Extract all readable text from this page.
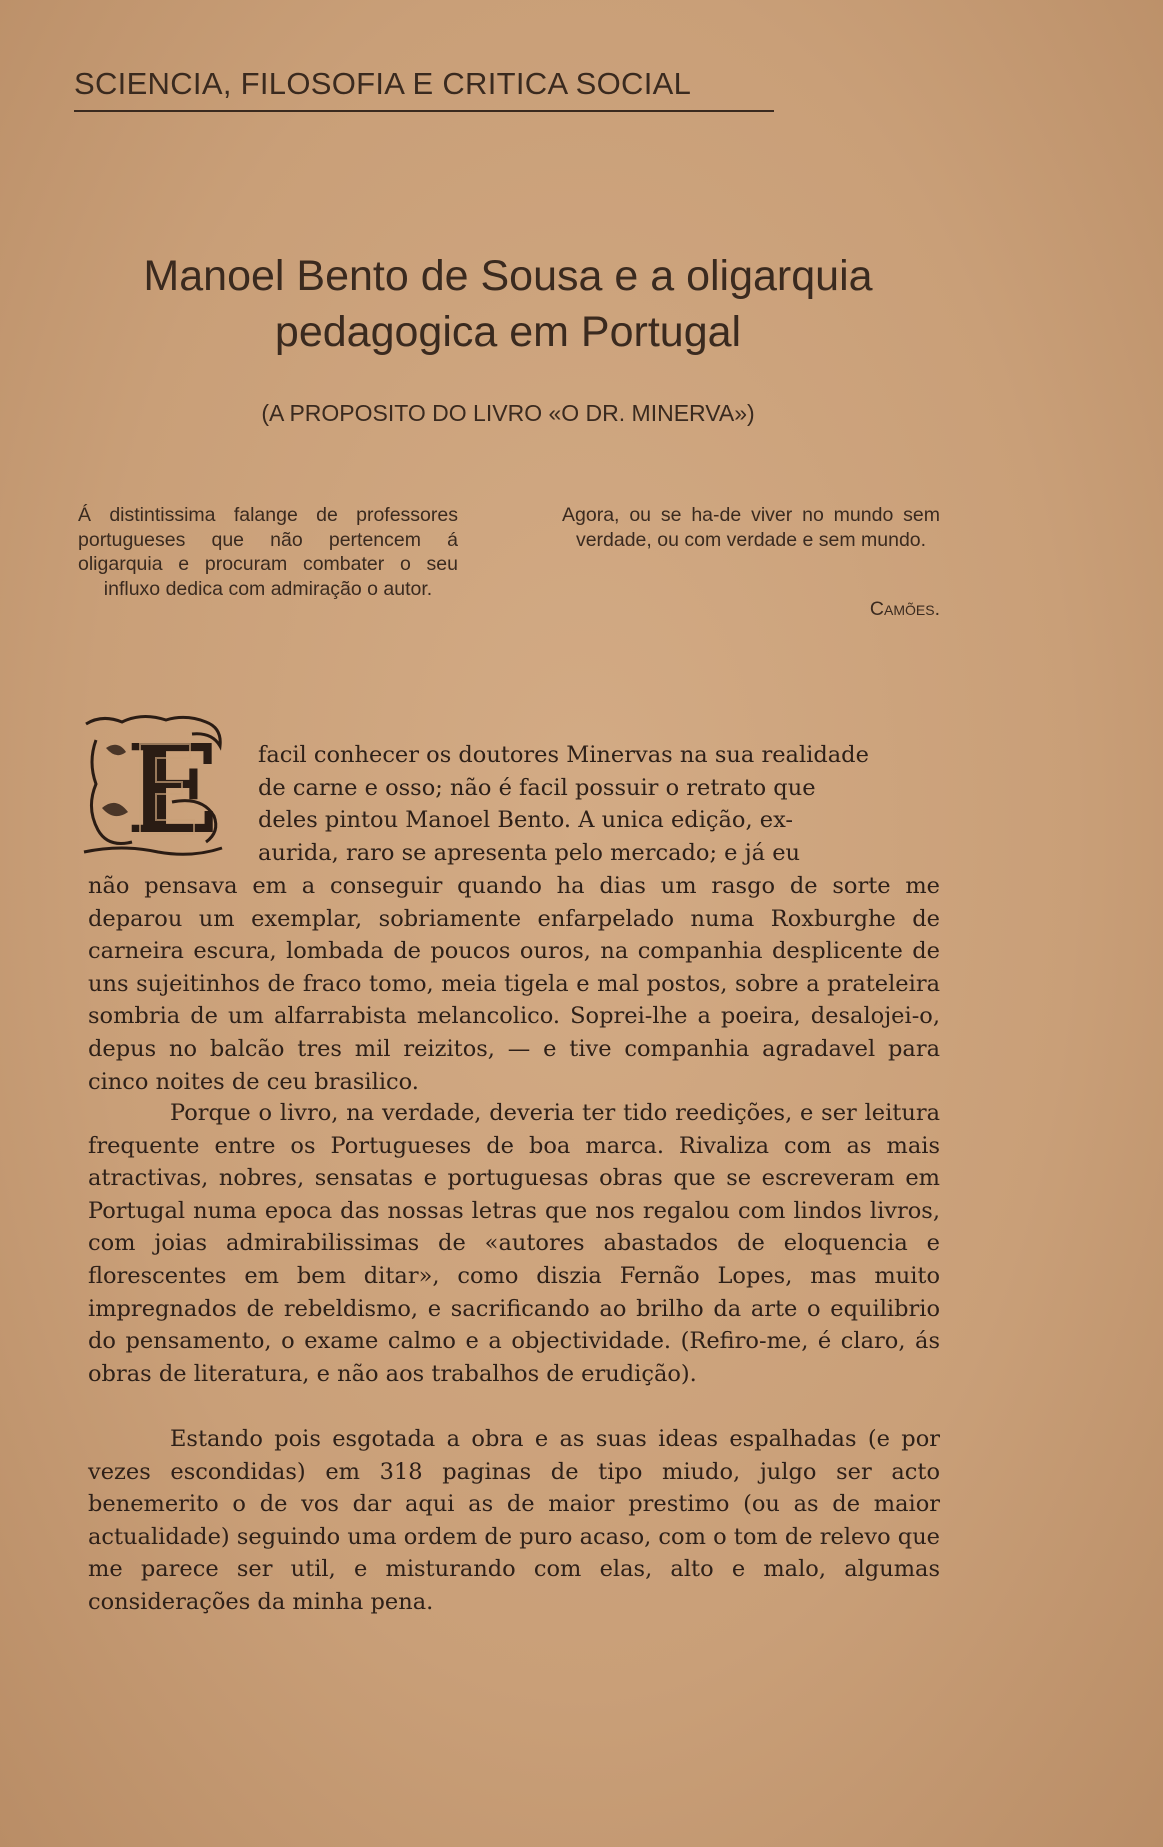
SCIENCIA, FILOSOFIA E CRITICA SOCIAL
Manoel Bento de Sousa e a oligarquia
pedagogica em Portugal
(A PROPOSITO DO LIVRO «O DR. MINERVA»)
Á distintissima falange de professores portugueses que não pertencem á oligarquia e procuram combater o seu influxo dedica com admiração o autor.
Agora, ou se ha-de viver no mundo sem verdade, ou com verdade e sem mundo.
Camões.
E facil conhecer os doutores Minervas na sua realidade
de carne e osso; não é facil possuir o retrato que
deles pintou Manoel Bento. A unica edição, ex-
aurida, raro se apresenta pelo mercado; e já eu

não pensava em a conseguir quando ha dias um rasgo de sorte me deparou um exemplar, sobriamente enfarpelado numa Roxburghe de carneira escura, lombada de poucos ouros, na companhia desplicente de uns sujeitinhos de fraco tomo, meia tigela e mal postos, sobre a prateleira sombria de um alfarrabista melancolico. Soprei-lhe a poeira, desalojei-o, depus no balcão tres mil reizitos, — e tive companhia agradavel para cinco noites de ceu brasilico.

Porque o livro, na verdade, deveria ter tido reedições, e ser leitura frequente entre os Portugueses de boa marca. Rivaliza com as mais atractivas, nobres, sensatas e portuguesas obras que se escreveram em Portugal numa epoca das nossas letras que nos regalou com lindos livros, com joias admirabilissimas de «autores abastados de eloquencia e florescentes em bem ditar», como diszia Fernão Lopes, mas muito impregnados de rebeldismo, e sacrificando ao brilho da arte o equilibrio do pensamento, o exame calmo e a objectividade. (Refiro-me, é claro, ás obras de literatura, e não aos trabalhos de erudição).

Estando pois esgotada a obra e as suas ideas espalhadas (e por vezes escondidas) em 318 paginas de tipo miudo, julgo ser acto benemerito o de vos dar aqui as de maior prestimo (ou as de maior actualidade) seguindo uma ordem de puro acaso, com o tom de relevo que me parece ser util, e misturando com elas, alto e malo, algumas considerações da minha pena.
